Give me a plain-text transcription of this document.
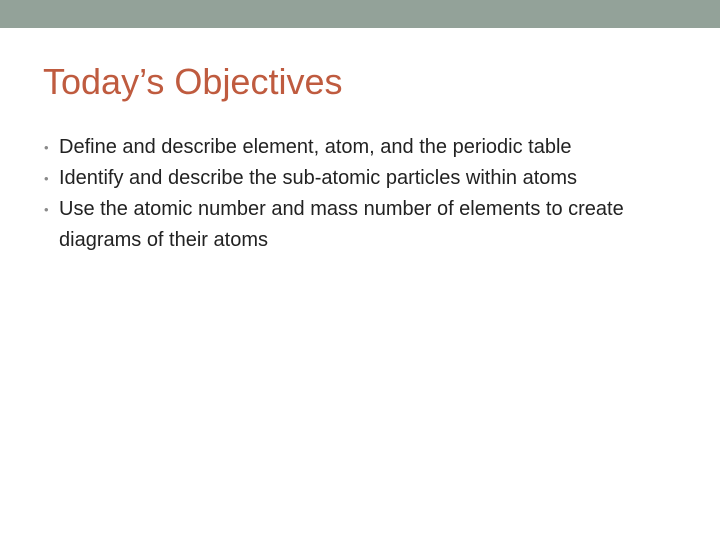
Today’s Objectives
• Define and describe element, atom, and the periodic table
• Identify and describe the sub-atomic particles within atoms
• Use the atomic number and mass number of elements to create diagrams of their atoms
